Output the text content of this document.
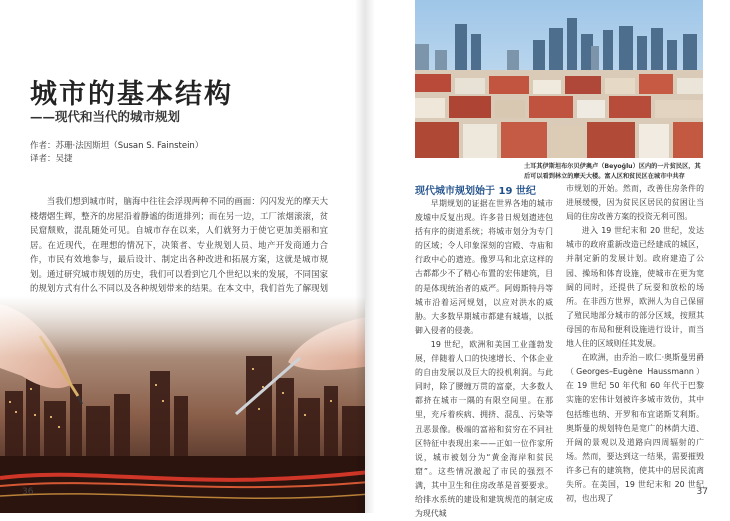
城市的基本结构
——现代和当代的城市规划
作者：苏珊·法因斯坦（Susan S. Fainstein）
译者：吴捷

当我们想到城市时，脑海中往往会浮现两种不同的画面：闪闪发光的摩天大楼熠熠生辉，整齐的房屋沿着静谧的街道排列；而在另一边，工厂浓烟滚滚，贫民窟颓败，混乱随处可见。自城市存在以来，人们就努力于使它更加美丽和宜居。在近现代，在理想的情况下，决策者、专业规划人员、地产开发商通力合作，市民有效地参与，最后设计、制定出各种改进和拓展方案，这就是城市规划。通过研究城市规划的历史，我们可以看到它几个世纪以来的发展，不同国家的规划方式有什么不同以及各种规划带来的结果。在本文中，我们首先了解现划

36

土耳其伊斯坦布尔贝伊奥卢（Beyoğlu）区内的一片贫民区，其后可以看到林立的摩天大楼。富人区和贫民区在城市中共存

现代城市规划始于 19 世纪

早期规划的证据在世界各地的城市废墟中反复出现。许多昔日规划遗迹包括有序的街道系统；将城市划分为专门的区域；令人印象深刻的宫殿、寺庙和行政中心的遗迹。像罗马和北京这样的古都都少不了精心布置的宏伟建筑，目的是体现统治者的威严。阿姆斯特丹等城市沿着运河规划，以应对洪水的威胁。大多数早期城市都建有城墙，以抵御入侵者的侵袭。

19 世纪，欧洲和美国工业蓬勃发展，伴随着人口的快速增长、个体企业的自由发展以及巨大的投机利润。与此同时，除了腰缠万贯的富豪，大多数人都挤在城市一隅的有限空间里。在那里，充斥着疾病、拥挤、混乱、污染等丑恶景像。极端的富裕和贫穷在不同社区特征中表现出来——正如一位作家所说，城市被划分为“黄金海岸和贫民窟”。这些情况激起了市民的强烈不满，其中卫生和住房改革是首要要求。给排水系统的建设和建筑规范的制定成为现代城

市规划的开始。然而，改善住房条件的进展缓慢，因为贫民区居民的贫困让当局的住房改善方案的投资无利可图。

进入 19 世纪末和 20 世纪，发达城市的政府重新改造已经建成的城区，并制定新的发展计划。政府建造了公园、操场和体育设施，使城市在更为宽阔的同时，还提供了玩耍和放松的场所。在非西方世界，欧洲人为自己保留了殖民地部分城市的部分区域，按照其母国的布局和便利设施进行设计，而当地人住的区域则任其发展。

在欧洲，由乔治－欧仁·奥斯曼男爵（Georges–Eugène Haussmann）在 19 世纪 50 年代和 60 年代于巴黎实施的宏伟计划被许多城市效仿，其中包括维也纳、开罗和布宜诺斯艾利斯。奥斯曼的规划特色是宽广的林荫大道、开阔的景观以及道路向四周辐射的广场。然而，要达到这一结果，需要摧毁许多已有的建筑物，使其中的居民流离失所。在美国，19 世纪末和 20 世纪初，也出现了

37
